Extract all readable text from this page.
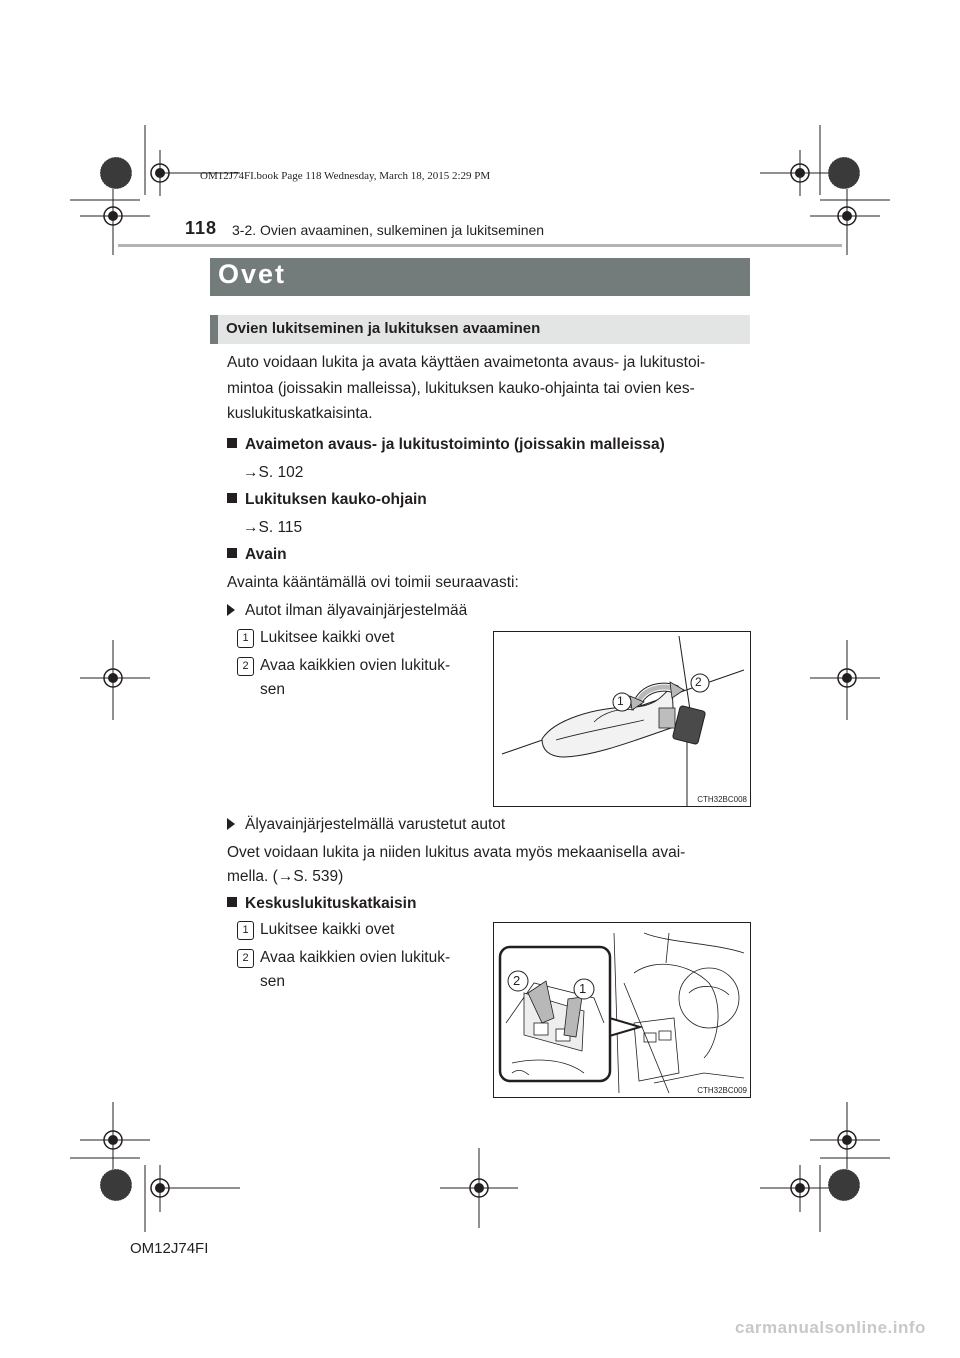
OM12J74FI.book Page 118 Wednesday, March 18, 2015 2:29 PM
118 3-2. Ovien avaaminen, sulkeminen ja lukitseminen
Ovet
Ovien lukitseminen ja lukituksen avaaminen
Auto voidaan lukita ja avata käyttäen avaimetonta avaus- ja lukitustoi-
mintoa (joissakin malleissa), lukituksen kauko-ohjainta tai ovien kes-
kuslukituskatkaisinta.
Avaimeton avaus- ja lukitustoiminto (joissakin malleissa)
→S. 102
Lukituksen kauko-ohjain
→S. 115
Avain
Avainta kääntämällä ovi toimii seuraavasti:
Autot ilman älyavainjärjestelmää
1 Lukitsee kaikki ovet
2 Avaa kaikkien ovien lukituk-
sen
1
2
CTH32BC008
Älyavainjärjestelmällä varustetut autot
Ovet voidaan lukita ja niiden lukitus avata myös mekaanisella avai-
mella. (→S. 539)
Keskuslukituskatkaisin
1 Lukitsee kaikki ovet
2 Avaa kaikkien ovien lukituk-
sen	2
1
CTH32BC009
OM12J74FI
carmanualsonline.info
